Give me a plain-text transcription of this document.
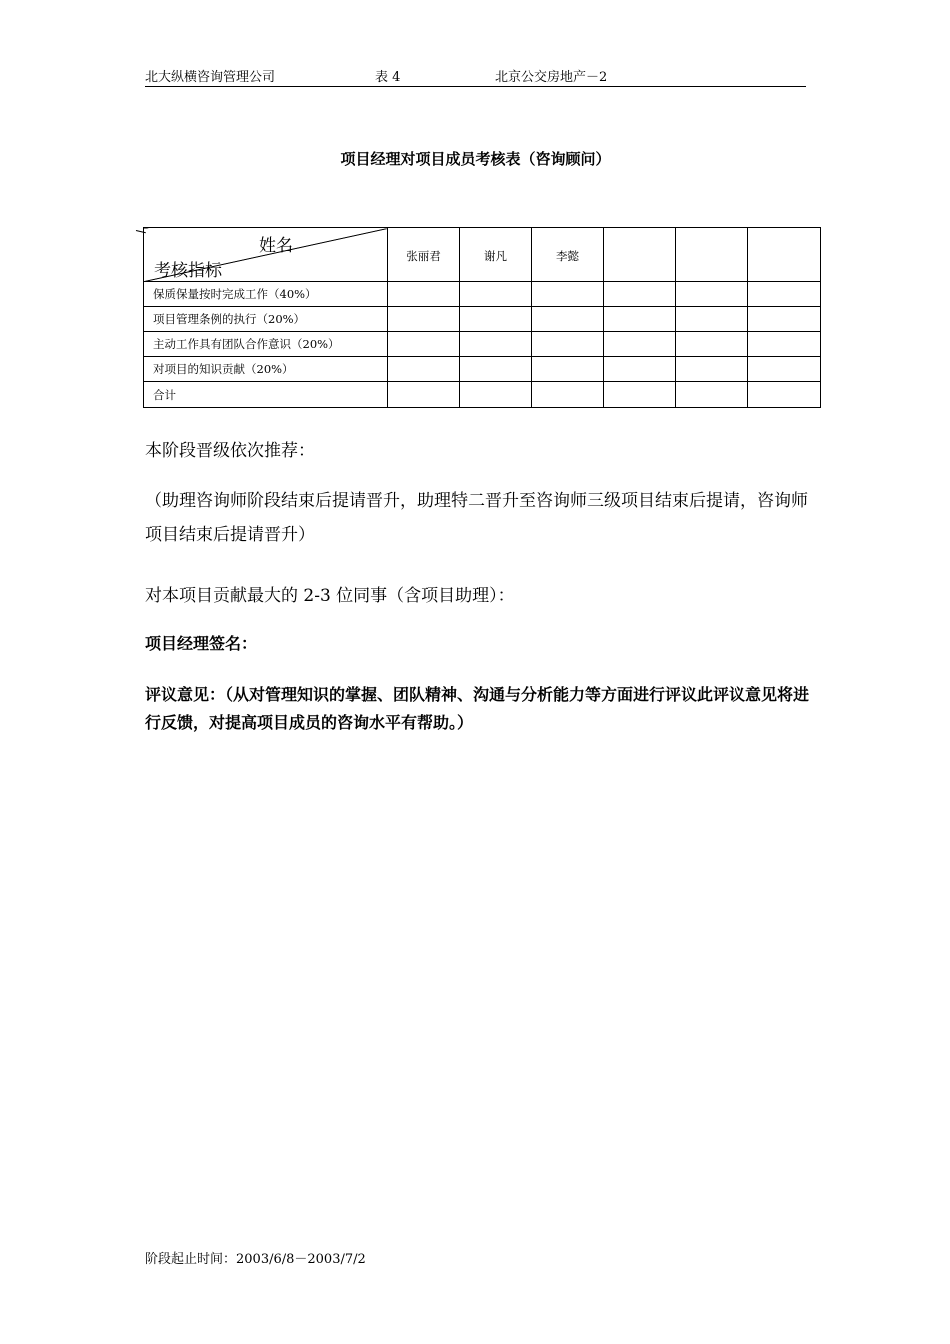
北大纵横咨询管理公司	表 4	北京公交房地产－2
项目经理对项目成员考核表（咨询顾问）
姓名
考核指标	张丽君	谢凡	李懿			
保质保量按时完成工作（40%）						
项目管理条例的执行（20%）						
主动工作具有团队合作意识（20%）						
对项目的知识贡献（20%）						
合计						
本阶段晋级依次推荐：
（助理咨询师阶段结束后提请晋升，助理特二晋升至咨询师三级项目结束后提请，咨询师项目结束后提请晋升）
对本项目贡献最大的 2-3 位同事（含项目助理）：
项目经理签名：
评议意见：（从对管理知识的掌握、团队精神、沟通与分析能力等方面进行评议此评议意见将进行反馈，对提高项目成员的咨询水平有帮助。）
阶段起止时间：2003/6/8－2003/7/2
